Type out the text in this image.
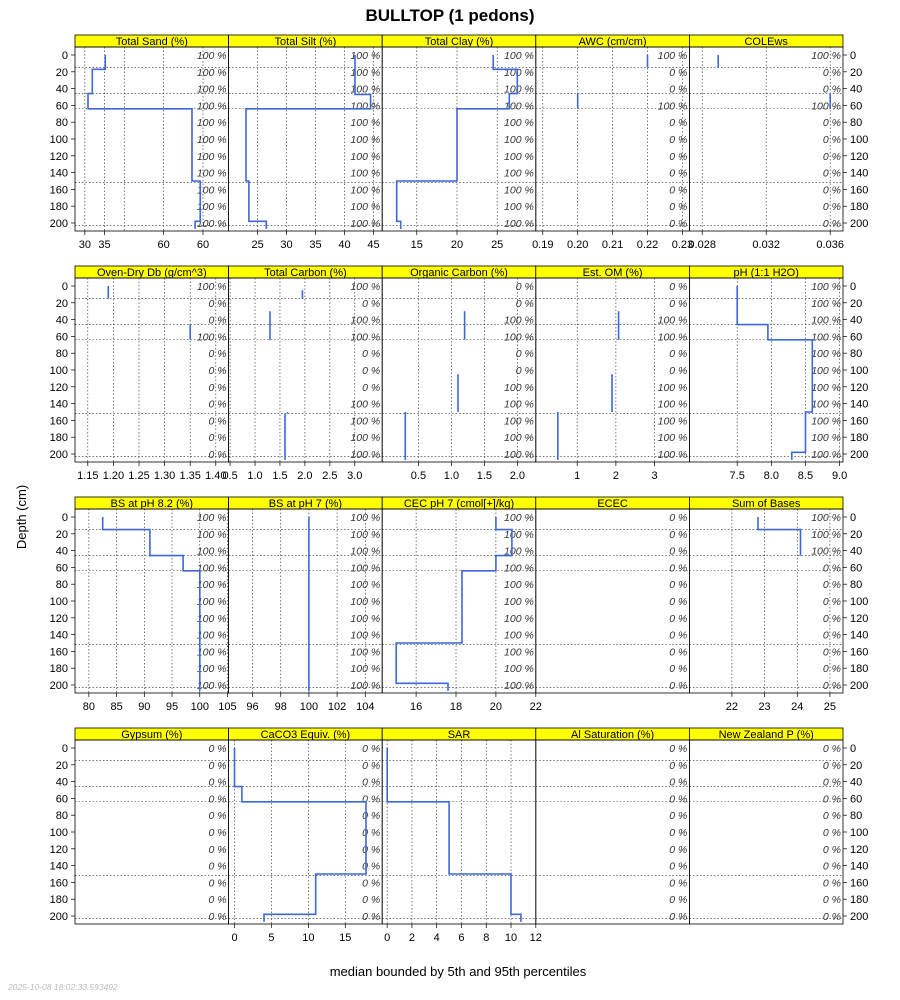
BULLTOP (1 pedons)
Depth (cm)
median bounded by 5th and 95th percentiles
2025-10-08 18:02:33.593492
Total Sand (%)
100 %
100 %
100 %
100 %
100 %
100 %
100 %
100 %
100 %
100 %
100 %
30 35	60 60
0
20
40
60
80
100
120
140
160
180
200
Total Silt (%)
100 %
100 %
100 %
100 %
100 %
100 %
100 %
100 %
100 %
100 %
100 %
25 30 35 40 45
Total Clay (%)
100 %
100 %
100 %
100 %
100 %
100 %
100 %
100 %
100 %
100 %
100 %
15	20	25
AWC (cm/cm)
100 %
0 %
0 %
100 %
0 %
0 %
0 %
0 %
0 %
0 %
0 %
0.19 0.20 0.21 0.22 0.23
COLEws
100 %
0 %
0 %
100 %
0 %
0 %
0 %
0 %
0 %
0 %
0 %
0.028	0.032	0.036
0
20
40
60
80
100
120
140
160
180
200
Oven-Dry Db (g/cm^3)
100 %
0 %
0 %
100 %
0 %
0 %
0 %
0 %
0 %
0 %
0 %
1.15 1.20 1.25 1.30 1.35 1.40
0
20
40
60
80
100
120
140
160
180
200
Total Carbon (%)
100 %
0 %
100 %
100 %
0 %
0 %
0 %
100 %
100 %
100 %
100 %
0.5 1.0 1.5 2.0 2.5 3.0
Organic Carbon (%)
0 %
0 %
100 %
100 %
0 %
0 %
100 %
100 %
100 %
100 %
100 %
0.5 1.0 1.5 2.0
Est. OM (%)
0 %
0 %
100 %
100 %
0 %
0 %
100 %
100 %
100 %
100 %
100 %
1	2	3
pH (1:1 H2O)
100 %
100 %
100 %
100 %
100 %
100 %
100 %
100 %
100 %
100 %
100 %
7.5 8.0 8.5 9.0
0
20
40
60
80
100
120
140
160
180
200
BS at pH 8.2 (%)
100 %
100 %
100 %
100 %
100 %
100 %
100 %
100 %
100 %
100 %
100 %
80 85 90 95 100 105
0
20
40
60
80
100
120
140
160
180
200
BS at pH 7 (%)
100 %
100 %
100 %
100 %
100 %
100 %
100 %
100 %
100 %
100 %
100 %
96 98 100 102 104
CEC pH 7 (cmol[+]/kg)
100 %
100 %
100 %
100 %
100 %
100 %
100 %
100 %
100 %
100 %
100 %
16	18	20	22
ECEC
0 %
0 %
0 %
0 %
0 %
0 %
0 %
0 %
0 %
0 %
0 %
Sum of Bases
100 %
100 %
100 %
0 %
0 %
0 %
0 %
0 %
0 %
0 %
0 %
22 23 24 25
0
20
40
60
80
100
120
140
160
180
200
Gypsum (%)
0 %
0 %
0 %
0 %
0 %
0 %
0 %
0 %
0 %
0 %
0 %
0
20
40
60
80
100
120
140
160
180
200
CaCO3 Equiv. (%)
0 %
0 %
0 %
0 %
0 %
0 %
0 %
0 %
0 %
0 %
0 %
0	5	10 15
SAR
0 2 4 6 8 10 12
Al Saturation (%)
0 %
0 %
0 %
0 %
0 %
0 %
0 %
0 %
0 %
0 %
0 %
New Zealand P (%)
0 %
0 %
0 %
0 %
0 %
0 %
0 %
0 %
0 %
0 %
0 %
0
20
40
60
80
100
120
140
160
180
200
